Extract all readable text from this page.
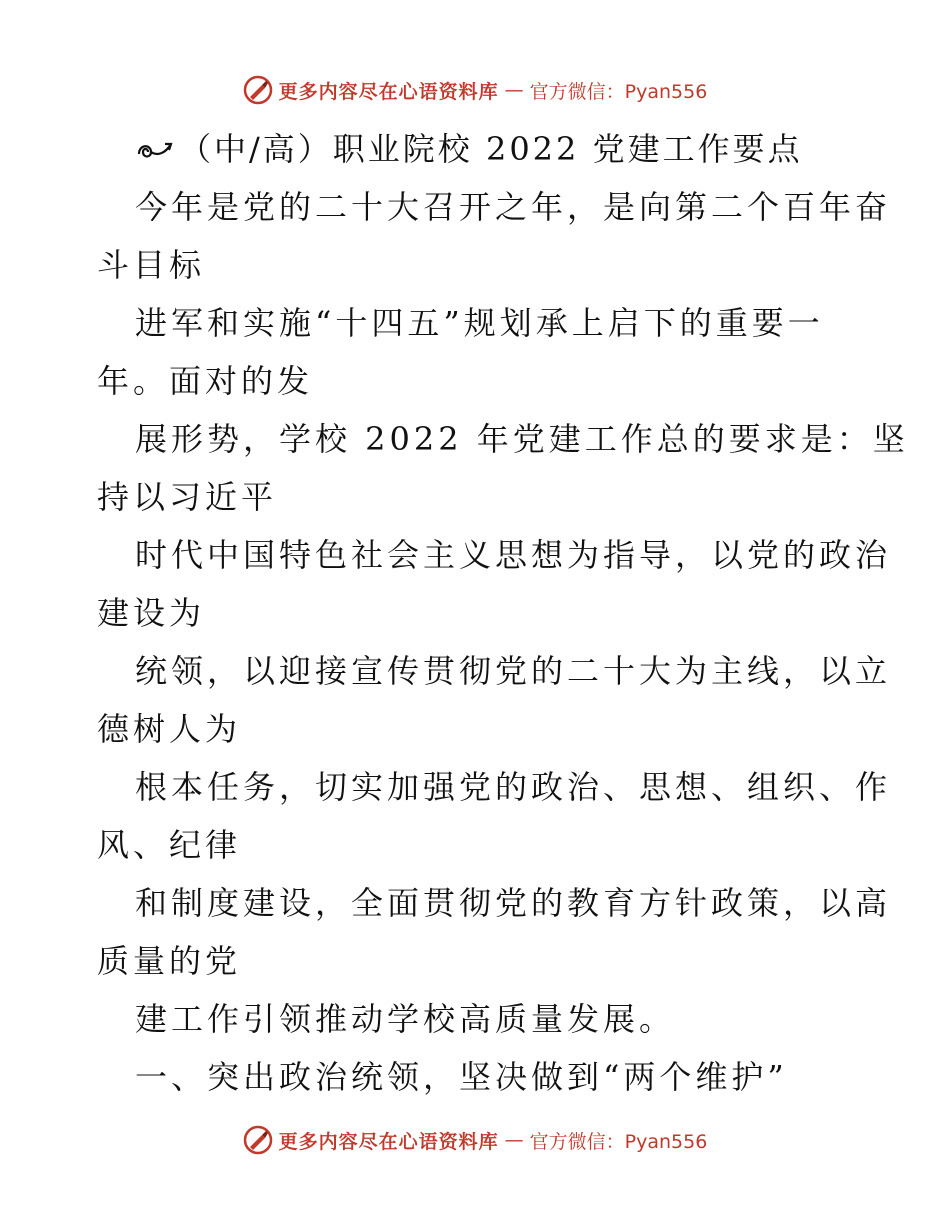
更多内容尽在心语资料库 — 官方微信：Pyan556
（中/高）职业院校 2022 党建工作要点
今年是党的二十大召开之年，是向第二个百年奋
斗目标
进军和实施“十四五”规划承上启下的重要一
年。面对的发
展形势，学校 2022 年党建工作总的要求是：坚
持以习近平
时代中国特色社会主义思想为指导，以党的政治
建设为
统领，以迎接宣传贯彻党的二十大为主线，以立
德树人为
根本任务，切实加强党的政治、思想、组织、作
风、纪律
和制度建设，全面贯彻党的教育方针政策，以高
质量的党
建工作引领推动学校高质量发展。
一、突出政治统领，坚决做到“两个维护”
更多内容尽在心语资料库 — 官方微信：Pyan556
